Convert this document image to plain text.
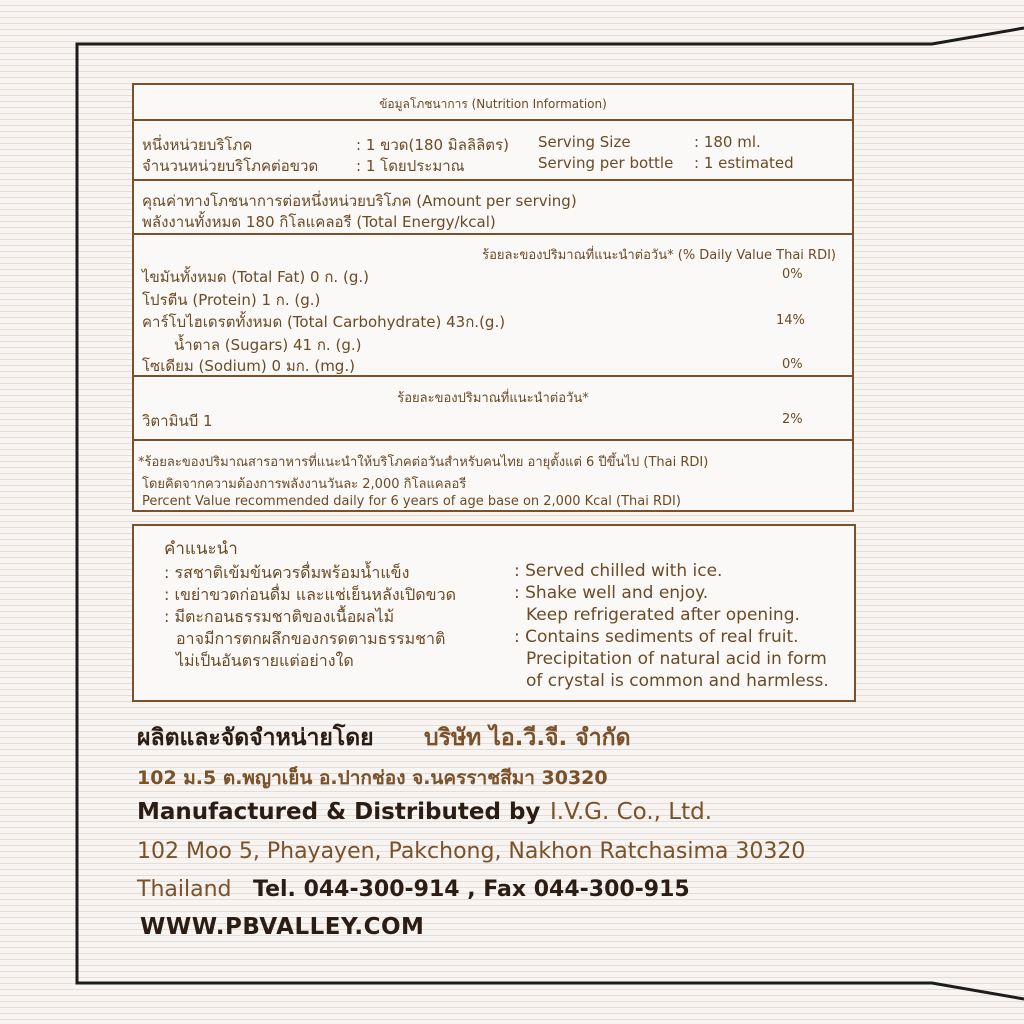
ข้อมูลโภชนาการ (Nutrition Information)
หนึ่งหน่วยบริโภค	: 1 ขวด(180 มิลลิลิตร) Serving Size	: 180 ml.
จำนวนหน่วยบริโภคต่อขวด	: 1 โดยประมาณ	Serving per bottle : 1 estimated
คุณค่าทางโภชนาการต่อหนึ่งหน่วยบริโภค (Amount per serving)
พลังงานทั้งหมด 180 กิโลแคลอรี (Total Energy/kcal)
ร้อยละของปริมาณที่แนะนำต่อวัน* (% Daily Value Thai RDI)
ไขมันทั้งหมด (Total Fat) 0 ก. (g.)	0%
โปรตีน (Protein) 1 ก. (g.)
คาร์โบไฮเดรตทั้งหมด (Total Carbohydrate) 43ก.(g.)	14%
น้ำตาล (Sugars) 41 ก. (g.)
โซเดียม (Sodium) 0 มก. (mg.)	0%
ร้อยละของปริมาณที่แนะนำต่อวัน*
วิตามินบี 1	2%
*ร้อยละของปริมาณสารอาหารที่แนะนำให้บริโภคต่อวันสำหรับคนไทย อายุตั้งแต่ 6 ปีขึ้นไป (Thai RDI)
โดยคิดจากความต้องการพลังงานวันละ 2,000 กิโลแคลอรี
Percent Value recommended daily for 6 years of age base on 2,000 Kcal (Thai RDI)
คำแนะนำ
: รสชาติเข้มข้นควรดื่มพร้อมน้ำแข็ง
: เขย่าขวดก่อนดื่ม และแช่เย็นหลังเปิดขวด
: มีตะกอนธรรมชาติของเนื้อผลไม้
อาจมีการตกผลึกของกรดตามธรรมชาติ
ไม่เป็นอันตรายแต่อย่างใด
: Served chilled with ice.
: Shake well and enjoy.
Keep refrigerated after opening.
: Contains sediments of real fruit.
Precipitation of natural acid in form
of crystal is common and harmless.
ผลิตและจัดจำหน่ายโดย บริษัท ไอ.วี.จี. จำกัด
102 ม.5 ต.พญาเย็น อ.ปากช่อง จ.นครราชสีมา 30320
Manufactured & Distributed by I.V.G. Co., Ltd.
102 Moo 5, Phayayen, Pakchong, Nakhon Ratchasima 30320
Thailand Tel. 044-300-914 , Fax 044-300-915
WWW.PBVALLEY.COM
